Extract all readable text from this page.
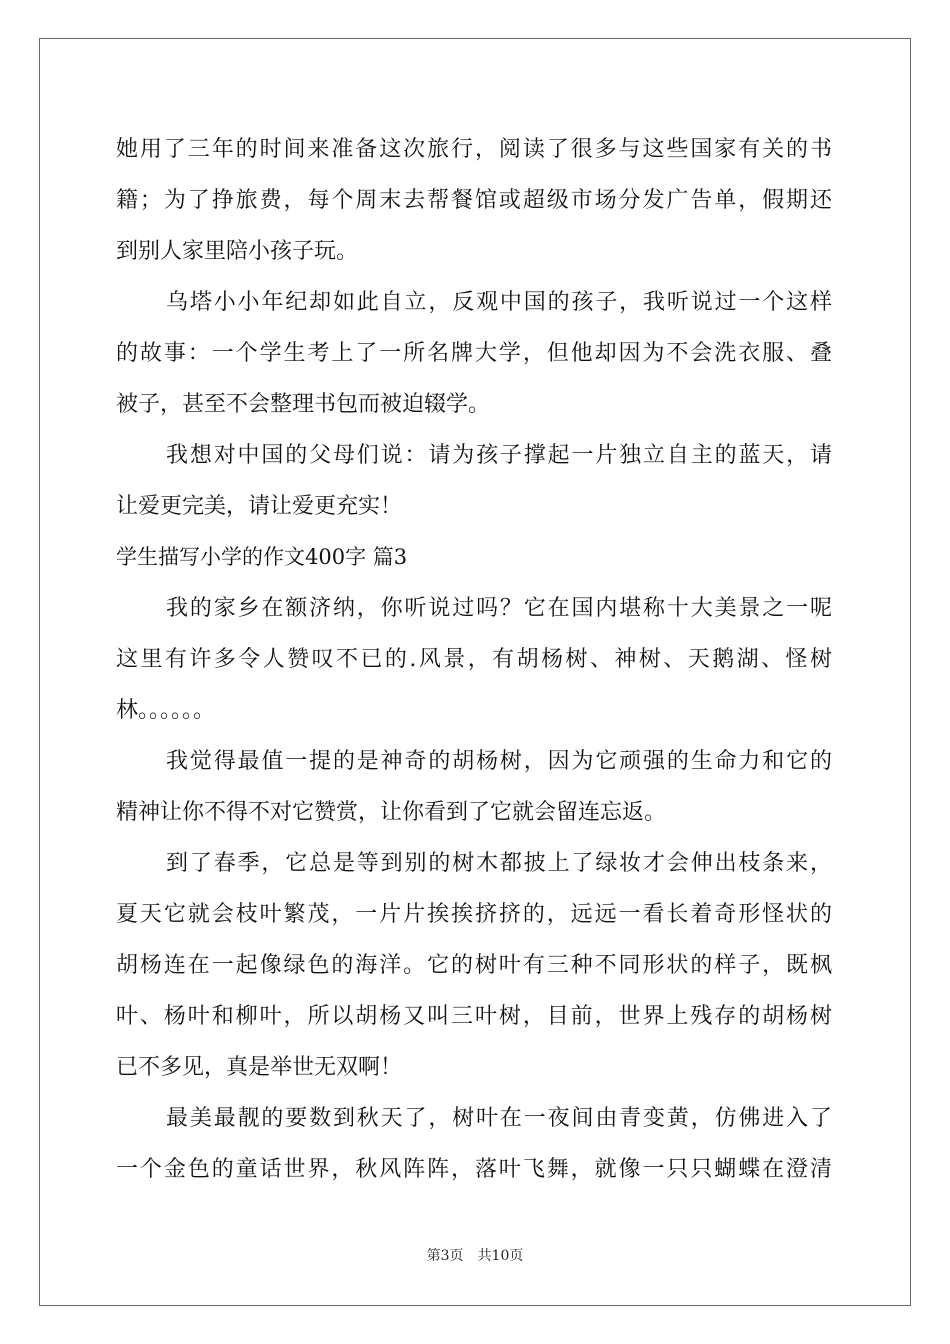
她用了三年的时间来准备这次旅行，阅读了很多与这些国家有关的书
籍；为了挣旅费，每个周末去帮餐馆或超级市场分发广告单，假期还
到别人家里陪小孩子玩。
乌塔小小年纪却如此自立，反观中国的孩子，我听说过一个这样
的故事：一个学生考上了一所名牌大学，但他却因为不会洗衣服、叠
被子，甚至不会整理书包而被迫辍学。
我想对中国的父母们说：请为孩子撑起一片独立自主的蓝天，请
让爱更完美，请让爱更充实！
学生描写小学的作文400字 篇3
我的家乡在额济纳，你听说过吗？它在国内堪称十大美景之一呢
这里有许多令人赞叹不已的.风景，有胡杨树、神树、天鹅湖、怪树
林。。。。。。
我觉得最值一提的是神奇的胡杨树，因为它顽强的生命力和它的
精神让你不得不对它赞赏，让你看到了它就会留连忘返。
到了春季，它总是等到别的树木都披上了绿妆才会伸出枝条来，
夏天它就会枝叶繁茂，一片片挨挨挤挤的，远远一看长着奇形怪状的
胡杨连在一起像绿色的海洋。它的树叶有三种不同形状的样子，既枫
叶、杨叶和柳叶，所以胡杨又叫三叶树，目前，世界上残存的胡杨树
已不多见，真是举世无双啊！
最美最靓的要数到秋天了，树叶在一夜间由青变黄，仿佛进入了
一个金色的童话世界，秋风阵阵，落叶飞舞，就像一只只蝴蝶在澄清
第3页 共10页
